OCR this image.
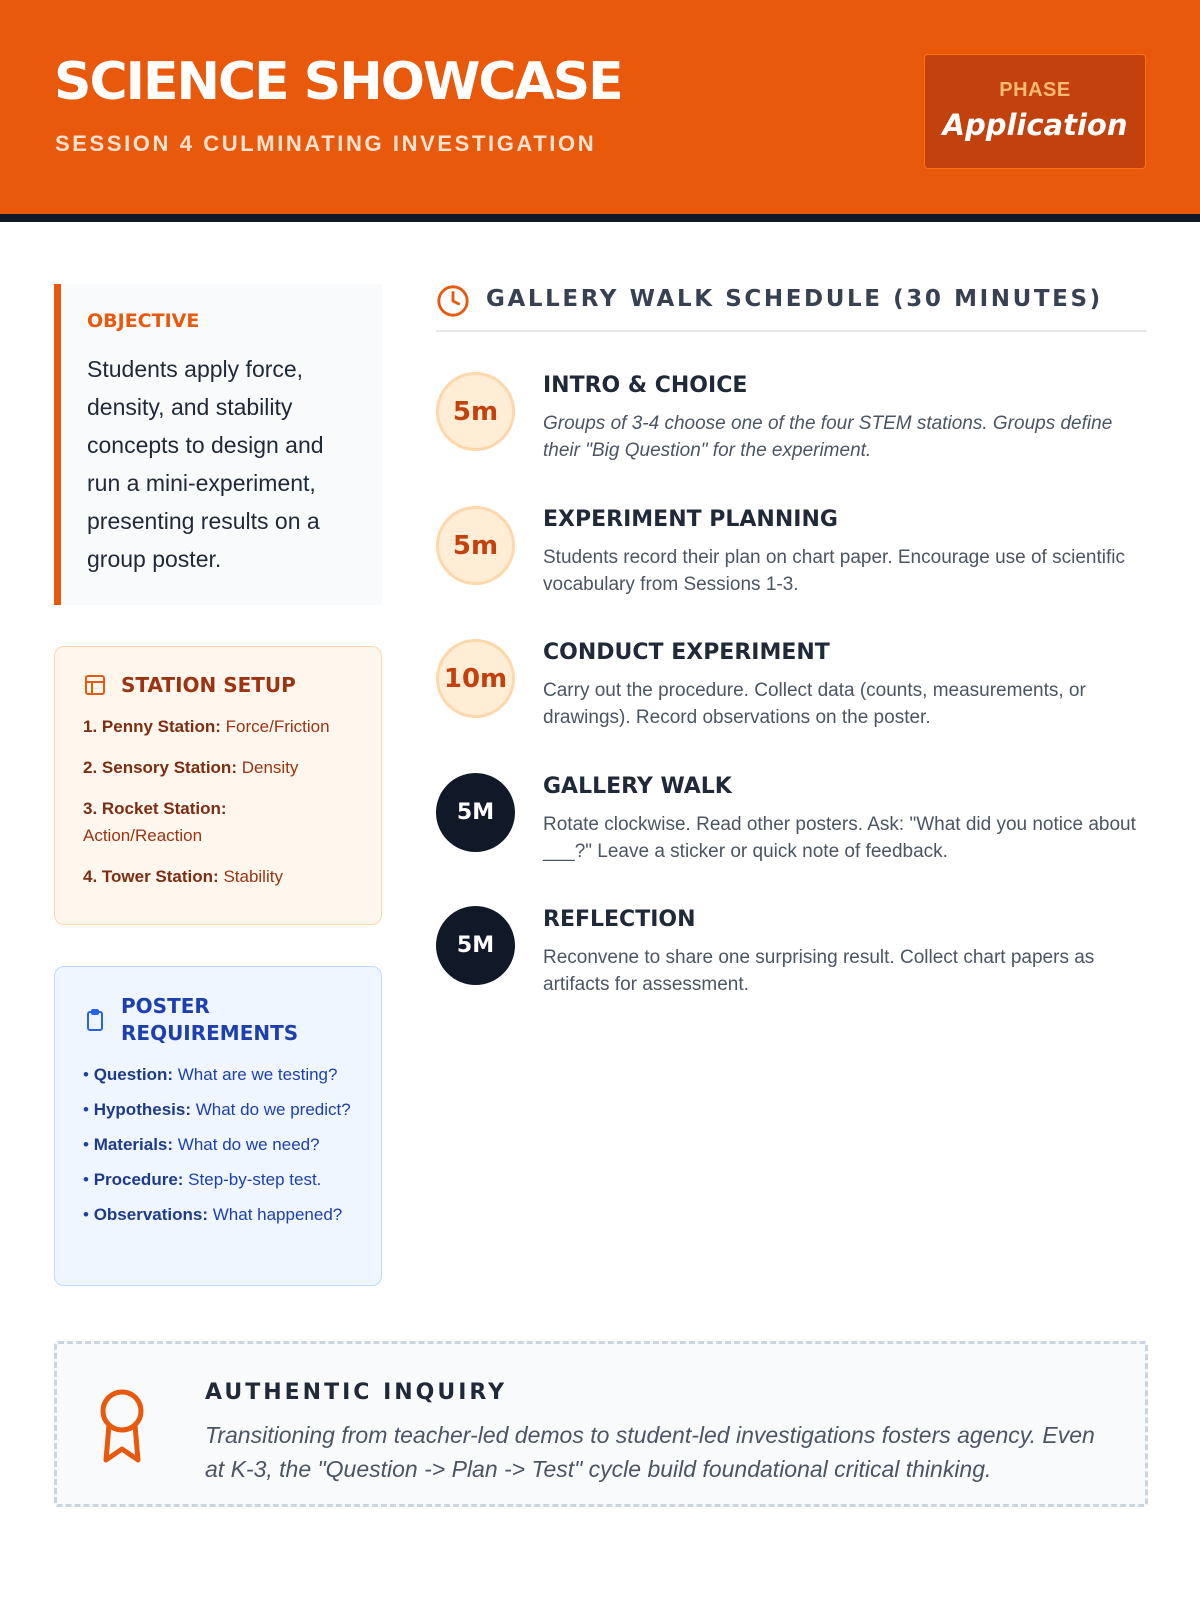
SCIENCE SHOWCASE
SESSION 4 CULMINATING INVESTIGATION
PHASE
Application
OBJECTIVE
Students apply force, density, and stability concepts to design and run a mini-experiment, presenting results on a group poster.
STATION SETUP
1. Penny Station: Force/Friction
2. Sensory Station: Density
3. Rocket Station:
Action/Reaction
4. Tower Station: Stability
POSTER REQUIREMENTS
• Question: What are we testing?
• Hypothesis: What do we predict?
• Materials: What do we need?
• Procedure: Step-by-step test.
• Observations: What happened?
GALLERY WALK SCHEDULE (30 MINUTES)
5m
INTRO & CHOICE
Groups of 3-4 choose one of the four STEM stations. Groups define their "Big Question" for the experiment.
5m
EXPERIMENT PLANNING
Students record their plan on chart paper. Encourage use of scientific vocabulary from Sessions 1-3.
10m
CONDUCT EXPERIMENT
Carry out the procedure. Collect data (counts, measurements, or drawings). Record observations on the poster.
5M
GALLERY WALK
Rotate clockwise. Read other posters. Ask: "What did you notice about ___?" Leave a sticker or quick note of feedback.
5M
REFLECTION
Reconvene to share one surprising result. Collect chart papers as artifacts for assessment.
AUTHENTIC INQUIRY
Transitioning from teacher-led demos to student-led investigations fosters agency. Even at K-3, the "Question -> Plan -> Test" cycle build foundational critical thinking.
